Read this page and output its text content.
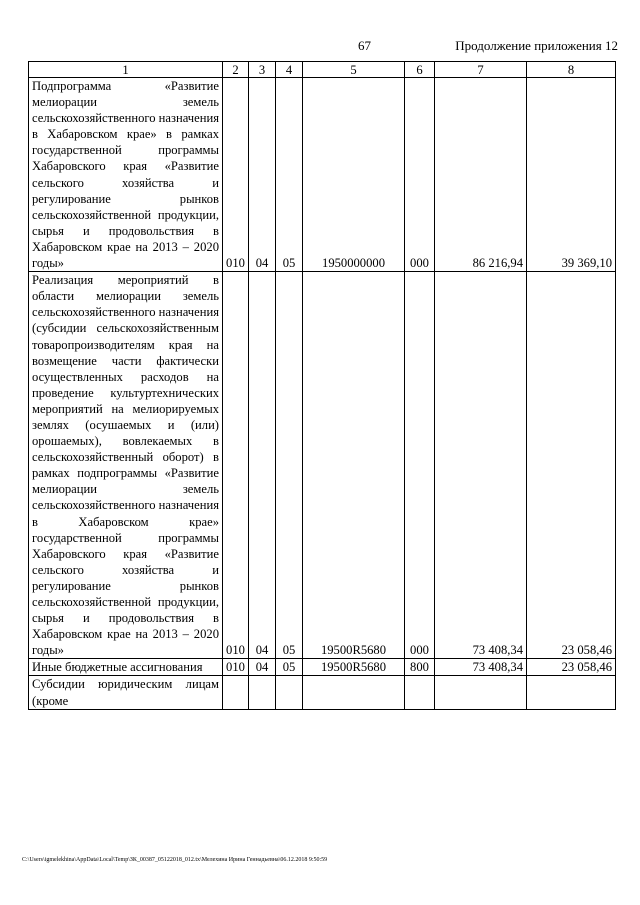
67	Продолжение приложения 12
1	2	3	4	5	6	7	8
Подпрограмма «Развитие мелиорации земель сельскохозяйственного назначения в Хабаровском крае» в рамках государственной программы Хабаровского края «Развитие сельского хозяйства и регулирование рынков сельскохозяйственной продукции, сырья и продовольствия в Хабаровском крае на 2013 – 2020 годы»	010	04	05	1950000000	000	86 216,94	39 369,10
Реализация мероприятий в области мелиорации земель сельскохозяйственного назначения (субсидии сельскохозяйственным товаропроизводителям края на возмещение части фактически осуществленных расходов на проведение культуртехнических мероприятий на мелиорируемых землях (осушаемых и (или) орошаемых), вовлекаемых в сельскохозяйственный оборот) в рамках подпрограммы «Развитие мелиорации земель сельскохозяйственного назначения в Хабаровском крае» государственной программы Хабаровского края «Развитие сельского хозяйства и регулирование рынков сельскохозяйственной продукции, сырья и продовольствия в Хабаровском крае на 2013 – 2020 годы»	010	04	05	19500R5680	000	73 408,34	23 058,46
Иные бюджетные ассигнования	010	04	05	19500R5680	800	73 408,34	23 058,46
Субсидии юридическим лицам (кроме							
C:\Users\igmelekhina\AppData\Local\Temp\ЗК_00387_05122018_012.tx\Мелехина Ирина Геннадьевна\06.12.2018 9:50:59
